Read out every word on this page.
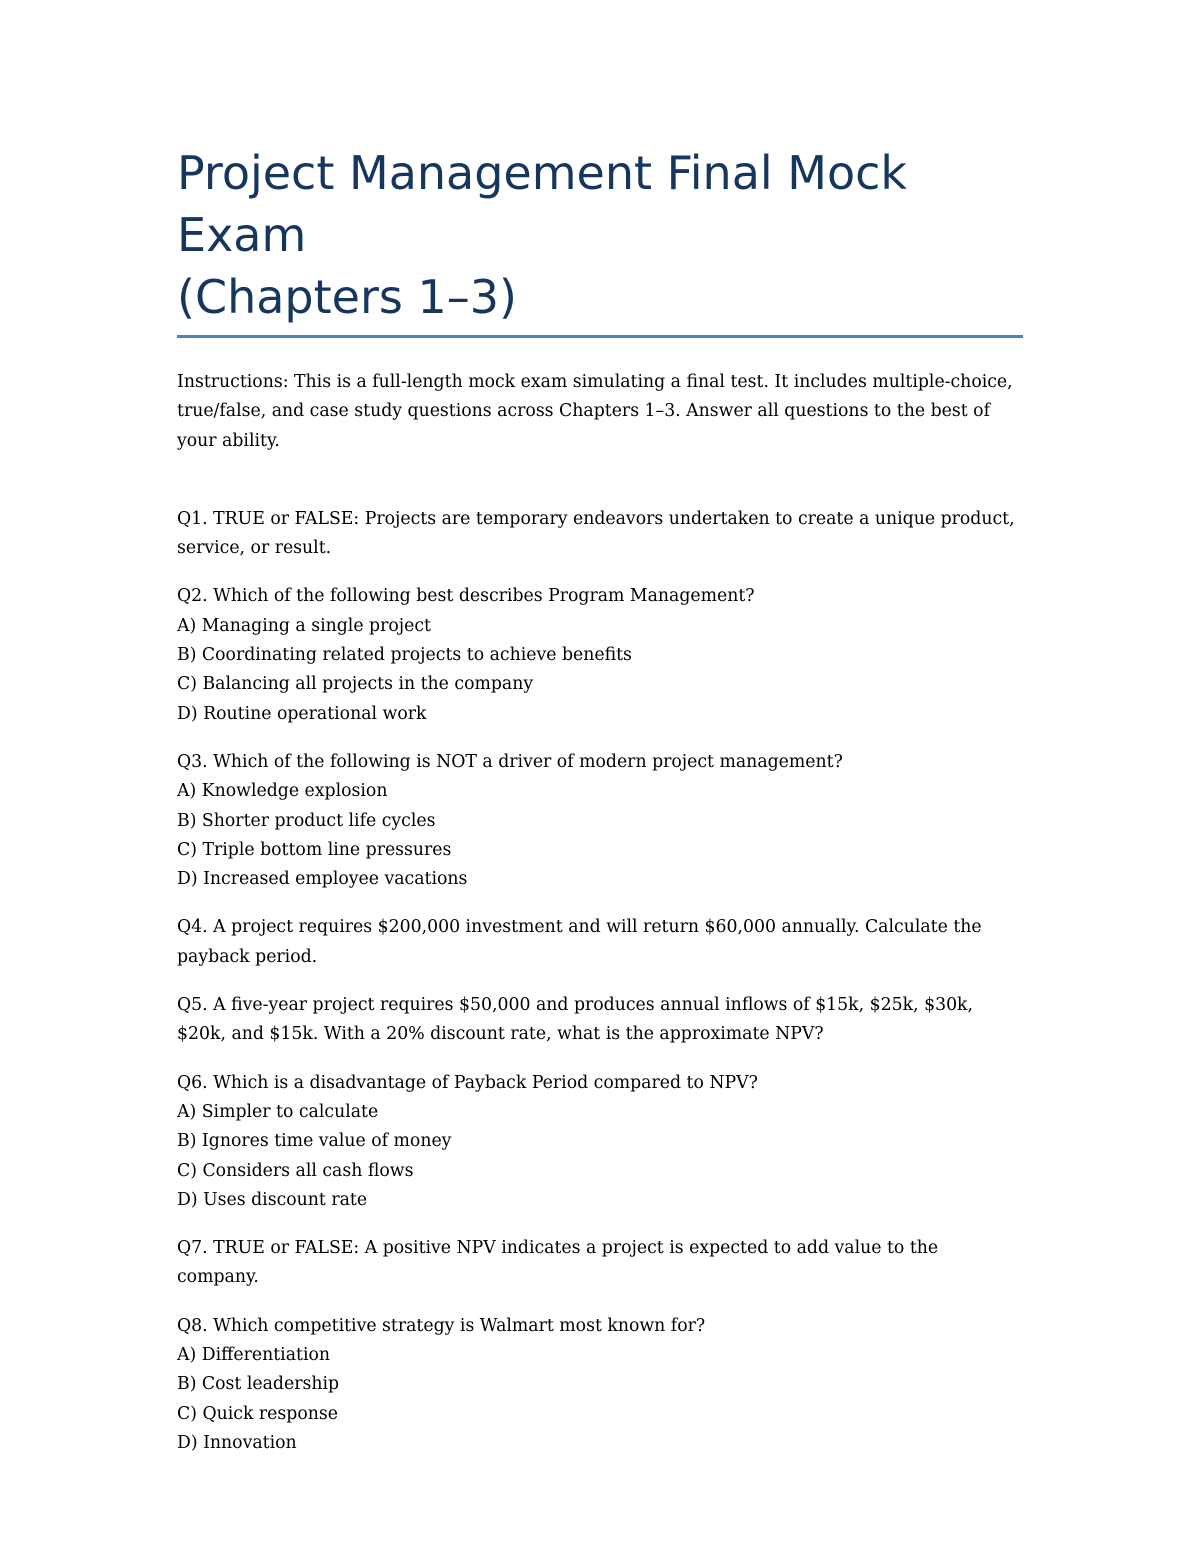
Project Management Final Mock Exam
(Chapters 1–3)

Instructions: This is a full-length mock exam simulating a final test. It includes multiple-choice, true/false, and case study questions across Chapters 1–3. Answer all questions to the best of your ability.

Q1. TRUE or FALSE: Projects are temporary endeavors undertaken to create a unique product, service, or result.
Q2. Which of the following best describes Program Management?
A) Managing a single project
B) Coordinating related projects to achieve benefits
C) Balancing all projects in the company
D) Routine operational work
Q3. Which of the following is NOT a driver of modern project management?
A) Knowledge explosion
B) Shorter product life cycles
C) Triple bottom line pressures
D) Increased employee vacations
Q4. A project requires $200,000 investment and will return $60,000 annually. Calculate the payback period.
Q5. A five-year project requires $50,000 and produces annual inflows of $15k, $25k, $30k, $20k, and $15k. With a 20% discount rate, what is the approximate NPV?
Q6. Which is a disadvantage of Payback Period compared to NPV?
A) Simpler to calculate
B) Ignores time value of money
C) Considers all cash flows
D) Uses discount rate
Q7. TRUE or FALSE: A positive NPV indicates a project is expected to add value to the company.
Q8. Which competitive strategy is Walmart most known for?
A) Differentiation
B) Cost leadership
C) Quick response
D) Innovation
